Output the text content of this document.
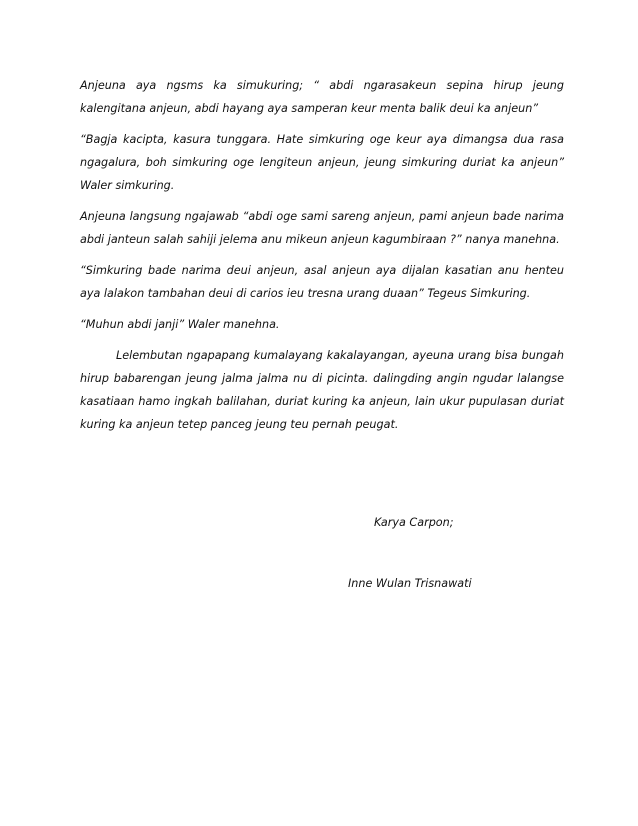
Anjeuna aya ngsms ka simukuring; “ abdi ngarasakeun sepina hirup jeung kalengitana anjeun, abdi hayang aya samperan keur menta balik deui ka anjeun”

“Bagja kacipta, kasura tunggara. Hate simkuring oge keur aya dimangsa dua rasa ngagalura, boh simkuring oge lengiteun anjeun, jeung simkuring duriat ka anjeun” Waler simkuring.

Anjeuna langsung ngajawab “abdi oge sami sareng anjeun, pami anjeun bade narima abdi janteun salah sahiji jelema anu mikeun anjeun kagumbiraan ?” nanya manehna.

“Simkuring bade narima deui anjeun, asal anjeun aya dijalan kasatian anu henteu aya lalakon tambahan deui di carios ieu tresna urang duaan” Tegeus Simkuring.

“Muhun abdi janji” Waler manehna.

Lelembutan ngapapang kumalayang kakalayangan, ayeuna urang bisa bungah hirup babarengan jeung jalma jalma nu di picinta. dalingding angin ngudar lalangse kasatiaan hamo ingkah balilahan, duriat kuring ka anjeun, lain ukur pupulasan duriat kuring ka anjeun tetep panceg jeung teu pernah peugat.

Karya Carpon;
Inne Wulan Trisnawati
